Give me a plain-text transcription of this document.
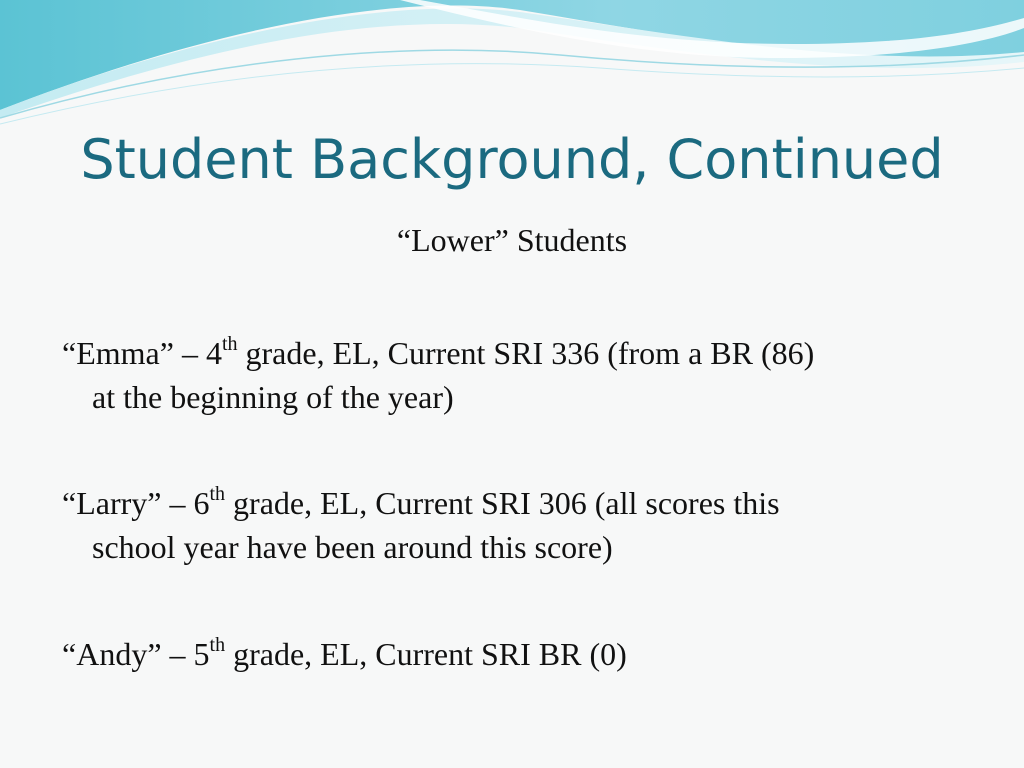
Student Background, Continued

“Lower” Students

“Emma” – 4th grade, EL, Current SRI 336 (from a BR (86)
at the beginning of the year)

“Larry” – 6th grade, EL, Current SRI 306 (all scores this
school year have been around this score)

“Andy” – 5th grade, EL, Current SRI BR (0)
